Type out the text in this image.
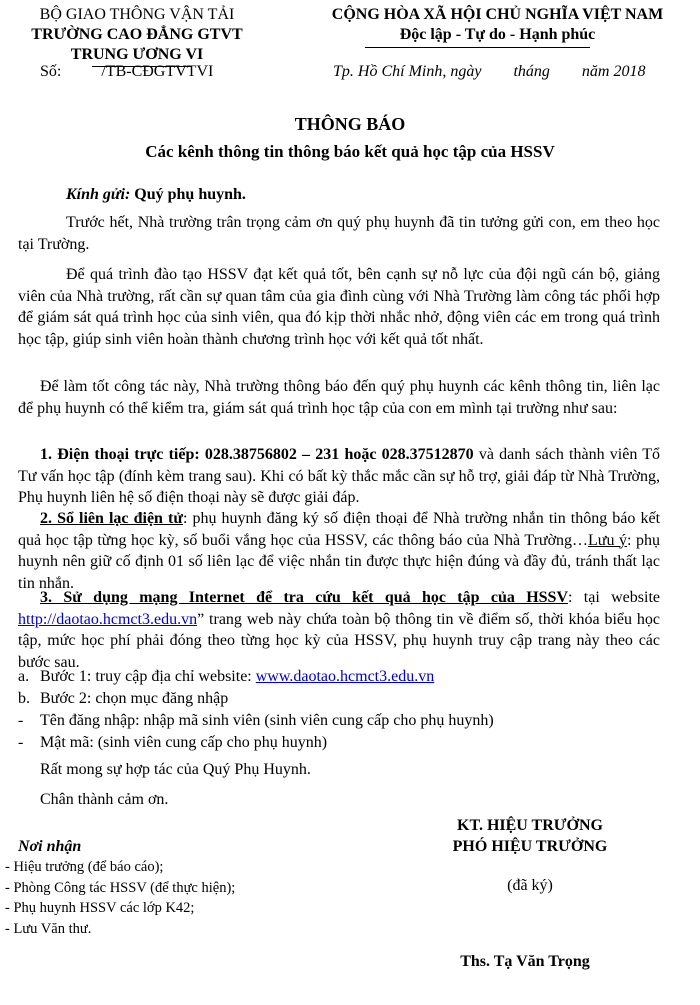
BỘ GIAO THÔNG VẬN TẢI
TRƯỜNG CAO ĐẲNG GTVT
TRUNG ƯƠNG VI
Số:	/TB-CĐGTVTVI
CỘNG HÒA XÃ HỘI CHỦ NGHĨA VIỆT NAM
Độc lập - Tự do - Hạnh phúc
Tp. Hồ Chí Minh, ngày        tháng        năm 2018
THÔNG BÁO
Các kênh thông tin thông báo kết quả học tập của HSSV
Kính gửi: Quý phụ huynh.
Trước hết, Nhà trường trân trọng cảm ơn quý phụ huynh đã tin tưởng gửi con, em theo học tại Trường.
Để quá trình đào tạo HSSV đạt kết quả tốt, bên cạnh sự nỗ lực của đội ngũ cán bộ, giảng viên của Nhà trường, rất cần sự quan tâm của gia đình cùng với Nhà Trường làm công tác phối hợp để giám sát quá trình học của sinh viên, qua đó kịp thời nhắc nhở, động viên các em trong quá trình học tập, giúp sinh viên hoàn thành chương trình học với kết quả tốt nhất.
Để làm tốt công tác này, Nhà trường thông báo đến quý phụ huynh các kênh thông tin, liên lạc để phụ huynh có thể kiểm tra, giám sát quá trình học tập của con em mình tại trường như sau:
1. Điện thoại trực tiếp: 028.38756802 – 231 hoặc 028.37512870 và danh sách thành viên Tổ Tư vấn học tập (đính kèm trang sau). Khi có bất kỳ thắc mắc cần sự hỗ trợ, giải đáp từ Nhà Trường, Phụ huynh liên hệ số điện thoại này sẽ được giải đáp.
2. Sổ liên lạc điện tử: phụ huynh đăng ký số điện thoại để Nhà trường nhắn tin thông báo kết quả học tập từng học kỳ, số buổi vắng học của HSSV, các thông báo của Nhà Trường…Lưu ý: phụ huynh nên giữ cố định 01 số liên lạc để việc nhắn tin được thực hiện đúng và đầy đủ, tránh thất lạc tin nhắn.
3. Sử dụng mạng Internet để tra cứu kết quả học tập của HSSV: tại website http://daotao.hcmct3.edu.vn” trang web này chứa toàn bộ thông tin về điểm số, thời khóa biểu học tập, mức học phí phải đóng theo từng học kỳ của HSSV, phụ huynh truy cập trang này theo các bước sau.
a. Bước 1: truy cập địa chỉ website: www.daotao.hcmct3.edu.vn
b. Bước 2: chọn mục đăng nhập
- Tên đăng nhập: nhập mã sinh viên (sinh viên cung cấp cho phụ huynh)
- Mật mã: (sinh viên cung cấp cho phụ huynh)
Rất mong sự hợp tác của Quý Phụ Huynh.
Chân thành cảm ơn.
KT. HIỆU TRƯỞNG
PHÓ HIỆU TRƯỞNG
(đã ký)
Ths. Tạ Văn Trọng
Nơi nhận
- Hiệu trưởng (để báo cáo);
- Phòng Công tác HSSV (để thực hiện);
- Phụ huynh HSSV các lớp K42;
- Lưu Văn thư.
